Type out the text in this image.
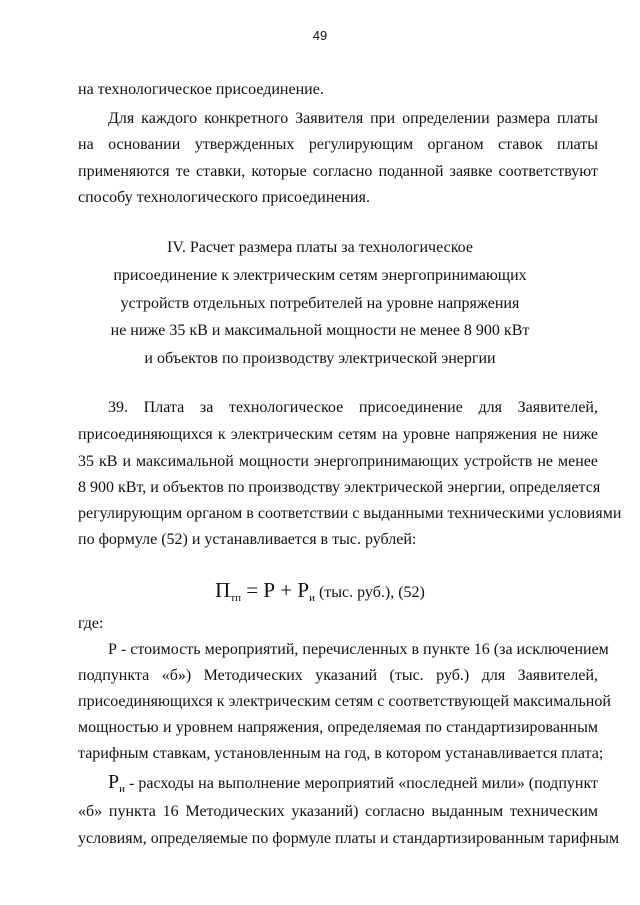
49
на технологическое присоединение.
Для каждого конкретного Заявителя при определении размера платы
на основании утвержденных регулирующим органом ставок платы
применяются те ставки, которые согласно поданной заявке соответствуют
способу технологического присоединения.
IV. Расчет размера платы за технологическое
присоединение к электрическим сетям энергопринимающих
устройств отдельных потребителей на уровне напряжения
не ниже 35 кВ и максимальной мощности не менее 8 900 кВт
и объектов по производству электрической энергии
39. Плата за технологическое присоединение для Заявителей,
присоединяющихся к электрическим сетям на уровне напряжения не ниже
35 кВ и максимальной мощности энергопринимающих устройств не менее
8 900 кВт, и объектов по производству электрической энергии, определяется
регулирующим органом в соответствии с выданными техническими условиями
по формуле (52) и устанавливается в тыс. рублей:
$П_{тп} = Р + Р_и$ (тыс. руб.), (52)
где:
Р - стоимость мероприятий, перечисленных в пункте 16 (за исключением
подпункта «б») Методических указаний (тыс. руб.) для Заявителей,
присоединяющихся к электрическим сетям с соответствующей максимальной
мощностью и уровнем напряжения, определяемая по стандартизированным
тарифным ставкам, установленным на год, в котором устанавливается плата;
$Р_и$ - расходы на выполнение мероприятий «последней мили» (подпункт
«б» пункта 16 Методических указаний) согласно выданным техническим
условиям, определяемые по формуле платы и стандартизированным тарифным
